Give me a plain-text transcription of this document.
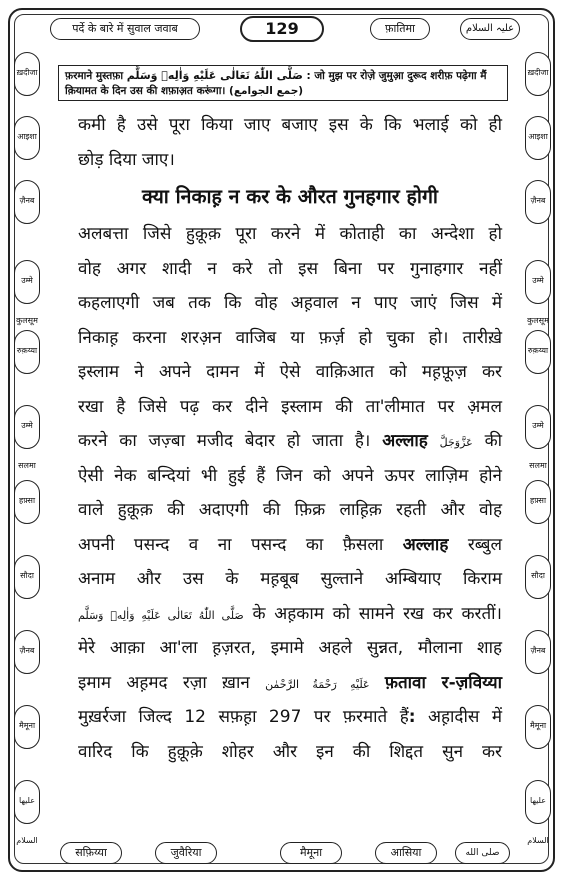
पर्दे के बारे में सुवाल जवाब	129	फ़ातिमा	علیہ السلام
ख़दीजा
आइशा
ज़ैनब
उम्मे कुलसूम
रुक़य्या
उम्मे सलमा
हफ़्सा
सौदा
ज़ैनब
मैमूना
عليها السلام
ख़दीजा
आइशा
ज़ैनब
उम्मे कुलसूम
रुक़य्या
उम्मे सलमा
हफ़्सा
सौदा
ज़ैनब
मैमूना
عليها السلام
फ़रमाने मुस्तफ़ा صَلَّى اللّٰهُ تَعَالٰی عَلَیْهِ وَاٰلِهٖ وَسَلَّم : जो मुझ पर रोज़े जुमुआ़ दुरूद शरीफ़ पढ़ेगा मैं क़ियामत के दिन उस की शफ़ाअ़त करूंगा। (جمع الجوامع)
कमी है उसे पूरा किया जाए बजाए इस के कि भलाई को ही
छोड़ दिया जाए।
क्या निकाह़ न कर के औरत गुनहगार होगी
अलबत्ता जिसे हुक़ूक़ पूरा करने में कोताही का अन्देशा हो
वोह अगर शादी न करे तो इस बिना पर गुनाहगार नहीं
कहलाएगी जब तक कि वोह अह़वाल न पाए जाएं जिस में
निकाह़ करना शरअ़न वाजिब या फ़र्ज़ हो चुका हो। तारीख़े
इस्लाम ने अपने दामन में ऐसे वाक़िआत को मह़फ़ूज़ कर
रखा है जिसे पढ़ कर दीने इस्लाम की ता'लीमात पर अ़मल
करने का जज़्बा मजीद बेदार हो जाता है। अल्लाह عَزَّوَجَلَّ की
ऐसी नेक बन्दियां भी हुई हैं जिन को अपने ऊपर लाज़िम होने
वाले हुक़ूक़ की अदाएगी की फ़िक्र लाह़िक़ रहती और वोह
अपनी पसन्द व ना पसन्द का फ़ैसला अल्लाह रब्बुल
अनाम और उस के मह़बूब सुल्ताने अम्बियाए किराम
صَلَّى اللّٰهُ تَعَالٰی عَلَیْهِ وَاٰلِهٖ وَسَلَّم के अह़काम को सामने रख कर करतीं।
मेरे आक़ा आ'ला ह़ज़रत, इमामे अहले सुन्नत, मौलाना शाह
इमाम अह़मद रज़ा ख़ान عَلَیْهِ رَحْمَةُ الرَّحْمٰن फ़तावा र-ज़विय्या
मुख़र्रजा जिल्द 12 सफ़ह़ा 297 पर फ़रमाते हैं: अह़ादीस में
वारिद कि हुक़ूक़े शोहर और इन की शिद्दत सुन कर
सफ़िय्या	जुवैरिया	मैमूना	आसिया	صلى الله
